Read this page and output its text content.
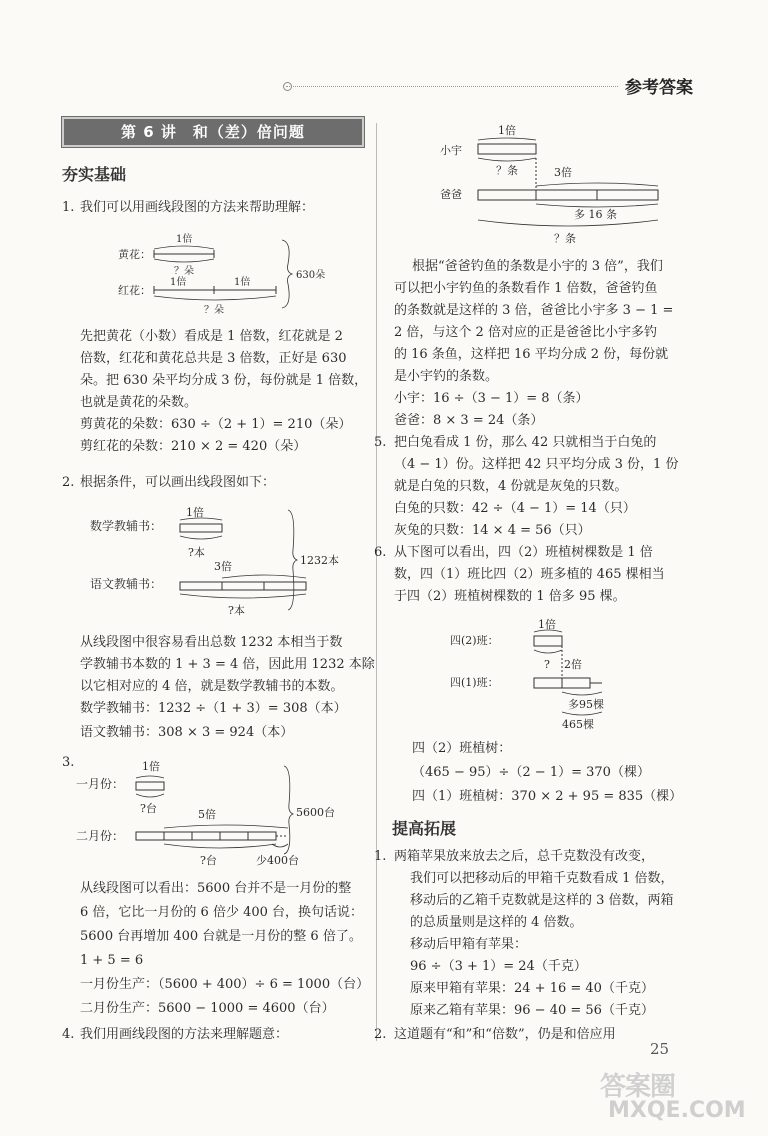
参考答案
第 6 讲　和（差）倍问题
夯实基础
1. 我们可以用画线段图的方法来帮助理解：
黄花：
红花：
1倍
？朵
1倍	1倍
？朵
630朵
先把黄花（小数）看成是 1 倍数，红花就是 2
倍数，红花和黄花总共是 3 倍数，正好是 630
朵。把 630 朵平均分成 3 份，每份就是 1 倍数，
也就是黄花的朵数。
剪黄花的朵数：630 ÷（2 + 1）= 210（朵）
剪红花的朵数：210 × 2 = 420（朵）
2. 根据条件，可以画出线段图如下：
数学教辅书：
语文教辅书：
1倍
?本
3倍
?本
1232本
从线段图中很容易看出总数 1232 本相当于数
学教辅书本数的 1 + 3 = 4 倍，因此用 1232 本除
以它相对应的 4 倍，就是数学教辅书的本数。
数学教辅书：1232 ÷（1 + 3）= 308（本）
语文教辅书：308 × 3 = 924（本）
3.
一月份：
二月份：
1倍
?台	5倍
?台	少400台
5600台
从线段图可以看出：5600 台并不是一月份的整
6 倍，它比一月份的 6 倍少 400 台，换句话说：
5600 台再增加 400 台就是一月份的整 6 倍了。
1 + 5 = 6
一月份生产：（5600 + 400）÷ 6 = 1000（台）
二月份生产：5600 − 1000 = 4600（台）
4. 我们用画线段图的方法来理解题意：
小宇
爸爸
1倍
？条	3倍
多 16 条
？条
根据“爸爸钓鱼的条数是小宇的 3 倍”，我们
可以把小宇钓鱼的条数看作 1 倍数，爸爸钓鱼
的条数就是这样的 3 倍，爸爸比小宇多 3 − 1 =
2 倍，与这个 2 倍对应的正是爸爸比小宇多钓
的 16 条鱼，这样把 16 平均分成 2 份，每份就
是小宇钓的条数。
小宇：16 ÷（3 − 1）= 8（条）
爸爸：8 × 3 = 24（条）
5. 把白兔看成 1 份，那么 42 只就相当于白兔的
（4 − 1）份。这样把 42 只平均分成 3 份，1 份
就是白兔的只数，4 份就是灰兔的只数。
白兔的只数：42 ÷（4 − 1）= 14（只）
灰兔的只数：14 × 4 = 56（只）
6. 从下图可以看出，四（2）班植树棵数是 1 倍
数，四（1）班比四（2）班多植的 465 棵相当
于四（2）班植树棵数的 1 倍多 95 棵。
四(2)班：
四(1)班：
1倍
? 2倍
多95棵
465棵
四（2）班植树：
（465 − 95）÷（2 − 1）= 370（棵）
四（1）班植树：370 × 2 + 95 = 835（棵）
提高拓展
1. 两箱苹果放来放去之后，总千克数没有改变，
我们可以把移动后的甲箱千克数看成 1 倍数，
移动后的乙箱千克数就是这样的 3 倍数，两箱
的总质量则是这样的 4 倍数。
移动后甲箱有苹果：
96 ÷（3 + 1）= 24（千克）
原来甲箱有苹果：24 + 16 = 40（千克）
原来乙箱有苹果：96 − 40 = 56（千克）
2. 这道题有“和”和“倍数”，仍是和倍应用
25
答案圈
MXQE.COM
